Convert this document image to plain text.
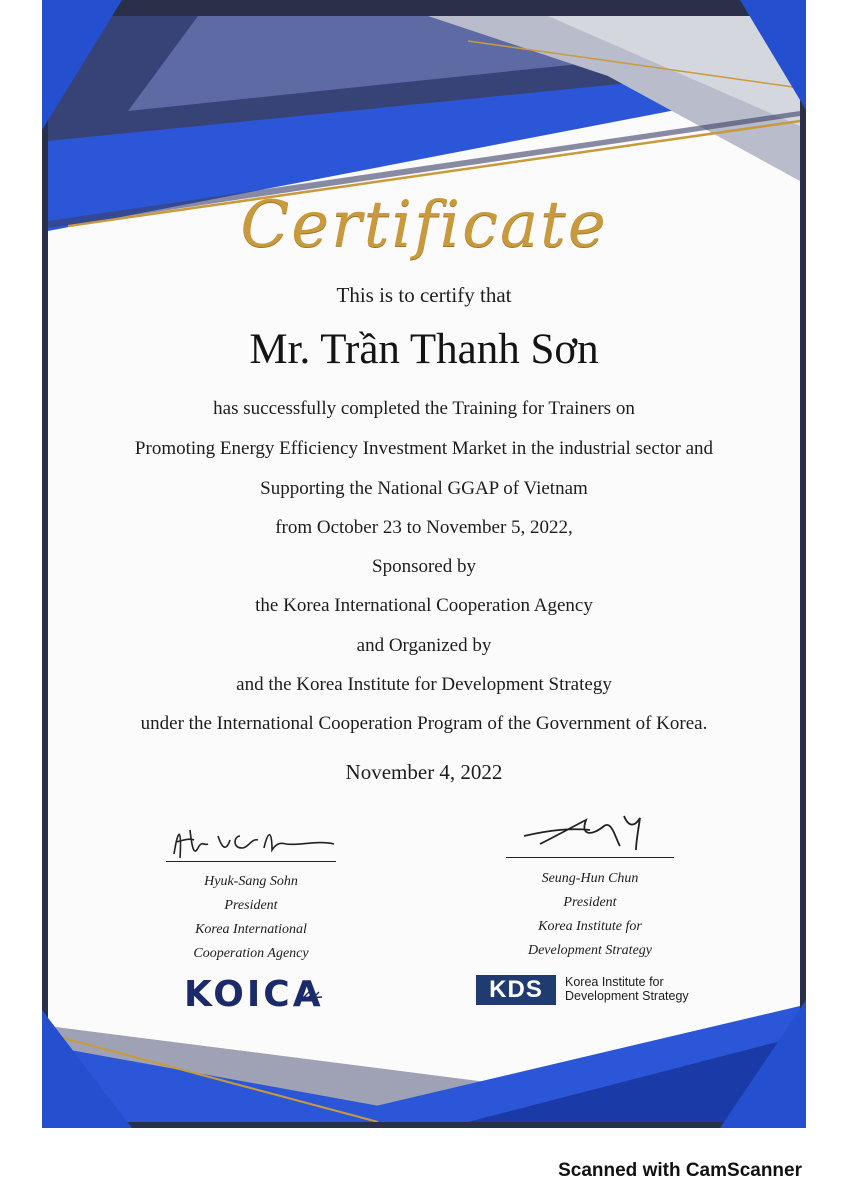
Certificate
This is to certify that
Mr. Trần Thanh Sơn
has successfully completed the Training for Trainers on
Promoting Energy Efficiency Investment Market in the industrial sector and
Supporting the National GGAP of Vietnam
from October 23 to November 5, 2022,
Sponsored by
the Korea International Cooperation Agency
and Organized by
and the Korea Institute for Development Strategy
under the International Cooperation Program of the Government of Korea.
November 4, 2022
Hyuk-Sang Sohn
President
Korea International
Cooperation Agency
Seung-Hun Chun
President
Korea Institute for
Development Strategy
KOICA	KDS	Korea Institute for
Development Strategy
Scanned with CamScanner
